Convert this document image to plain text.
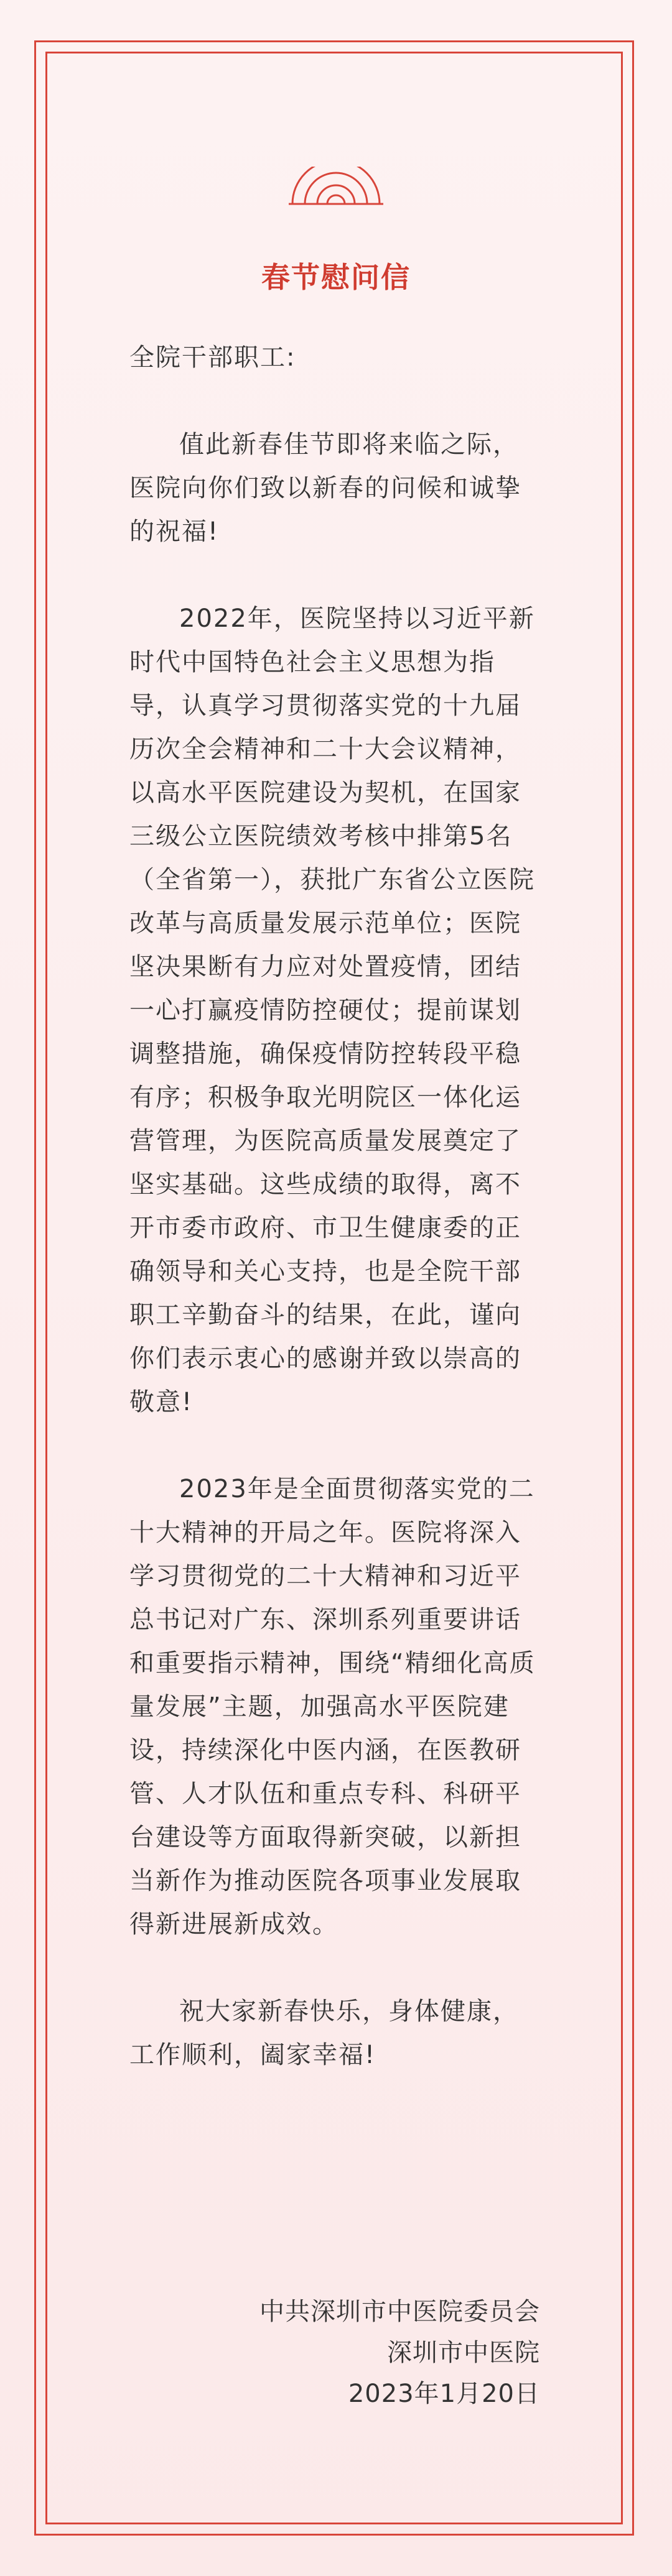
春节慰问信

全院干部职工:

值此新春佳节即将来临之际，医院向你们致以新春的问候和诚挚的祝福!

2022年，医院坚持以习近平新时代中国特色社会主义思想为指导，认真学习贯彻落实党的十九届历次全会精神和二十大会议精神，以高水平医院建设为契机，在国家三级公立医院绩效考核中排第5名（全省第一），获批广东省公立医院改革与高质量发展示范单位；医院坚决果断有力应对处置疫情，团结一心打赢疫情防控硬仗；提前谋划调整措施，确保疫情防控转段平稳有序；积极争取光明院区一体化运营管理，为医院高质量发展奠定了坚实基础。这些成绩的取得，离不开市委市政府、市卫生健康委的正确领导和关心支持，也是全院干部职工辛勤奋斗的结果，在此，谨向你们表示衷心的感谢并致以崇高的敬意!

2023年是全面贯彻落实党的二十大精神的开局之年。医院将深入学习贯彻党的二十大精神和习近平总书记对广东、深圳系列重要讲话和重要指示精神，围绕“精细化高质量发展”主题，加强高水平医院建设，持续深化中医内涵，在医教研管、人才队伍和重点专科、科研平台建设等方面取得新突破，以新担当新作为推动医院各项事业发展取得新进展新成效。

祝大家新春快乐，身体健康，工作顺利，阖家幸福!

中共深圳市中医院委员会
深圳市中医院
2023年1月20日
